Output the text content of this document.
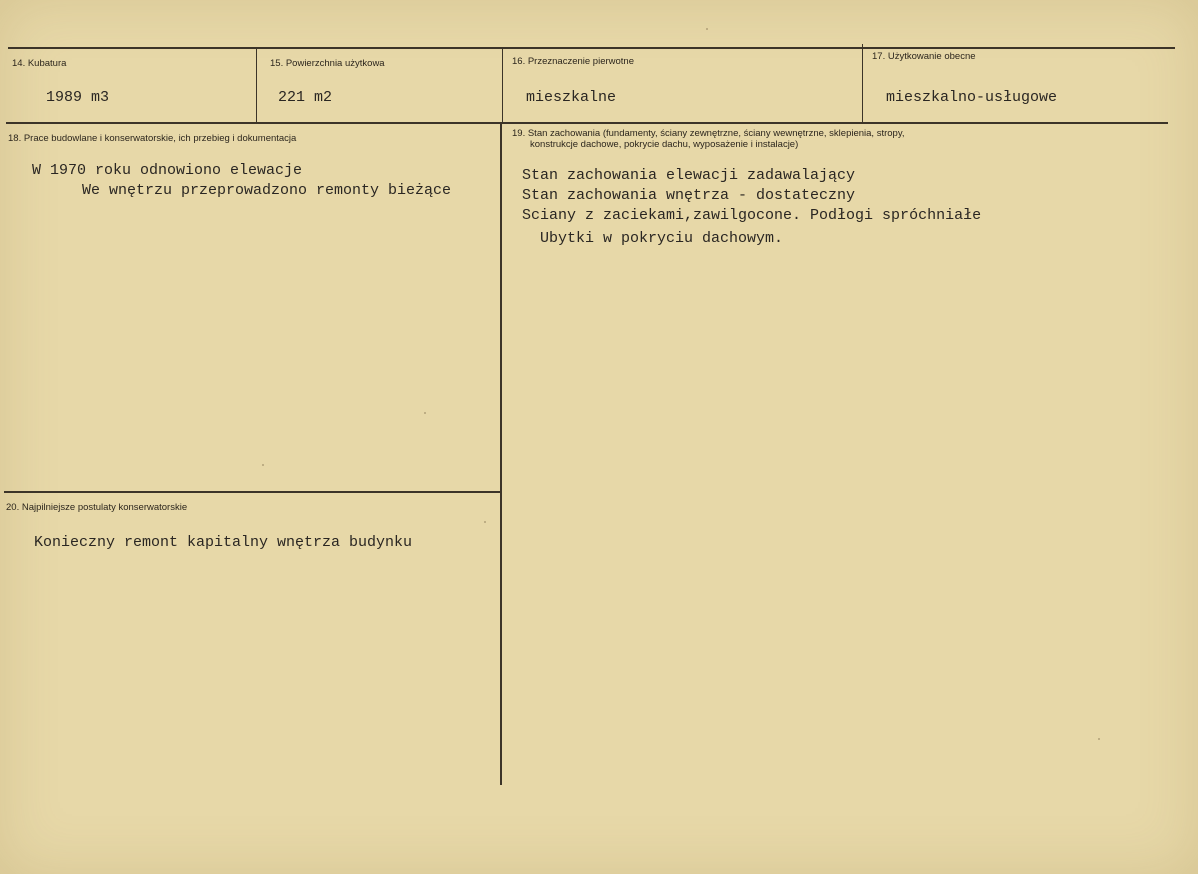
14. Kubatura
1989 m3
15. Powierzchnia użytkowa
221 m2
16. Przeznaczenie pierwotne
mieszkalne
17. Użytkowanie obecne
mieszkalno-usługowe
18. Prace budowlane i konserwatorskie, ich przebieg i dokumentacja
W 1970 roku odnowiono elewacje
We wnętrzu przeprowadzono remonty bieżące
19. Stan zachowania (fundamenty, ściany zewnętrzne, ściany wewnętrzne, sklepienia, stropy,
konstrukcje dachowe, pokrycie dachu, wyposażenie i instalacje)
Stan zachowania elewacji zadawalający
Stan zachowania wnętrza - dostateczny
Sciany z zaciekami,zawilgocone. Podłogi spróchniałe
Ubytki w pokryciu dachowym.
20. Najpilniejsze postulaty konserwatorskie
Konieczny remont kapitalny wnętrza budynku
